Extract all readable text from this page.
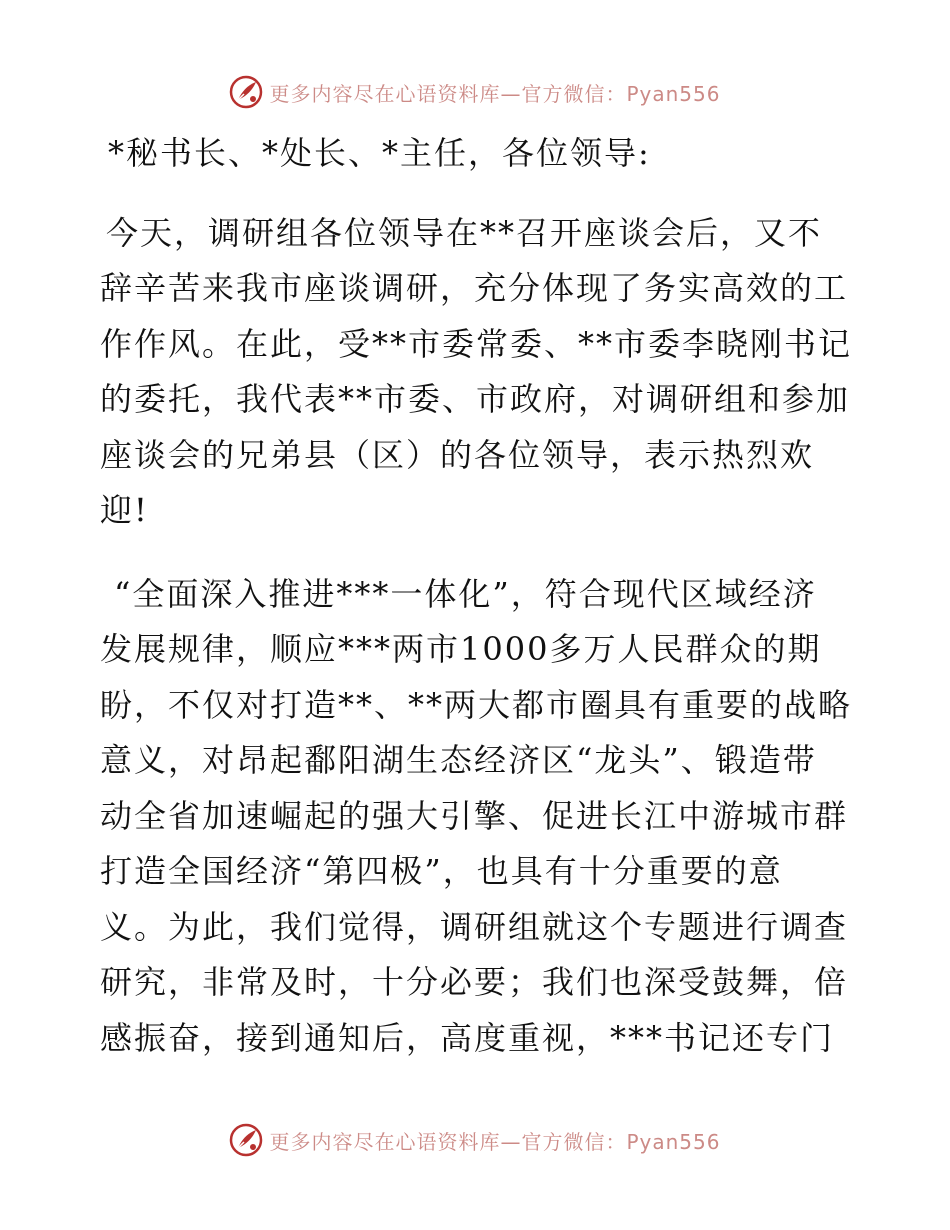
更多内容尽在心语资料库—官方微信：Pyan556

*秘书长、*处长、*主任，各位领导:

今天，调研组各位领导在**召开座谈会后，又不
辞辛苦来我市座谈调研，充分体现了务实高效的工
作作风。在此，受**市委常委、**市委李晓刚书记
的委托，我代表**市委、市政府，对调研组和参加
座谈会的兄弟县（区）的各位领导，表示热烈欢
迎!

“全面深入推进***一体化”，符合现代区域经济
发展规律，顺应***两市1000多万人民群众的期
盼，不仅对打造**、**两大都市圈具有重要的战略
意义，对昂起鄱阳湖生态经济区“龙头”、锻造带
动全省加速崛起的强大引擎、促进长江中游城市群
打造全国经济“第四极”，也具有十分重要的意
义。为此，我们觉得，调研组就这个专题进行调查
研究，非常及时，十分必要；我们也深受鼓舞，倍
感振奋，接到通知后，高度重视，***书记还专门

更多内容尽在心语资料库—官方微信：Pyan556
